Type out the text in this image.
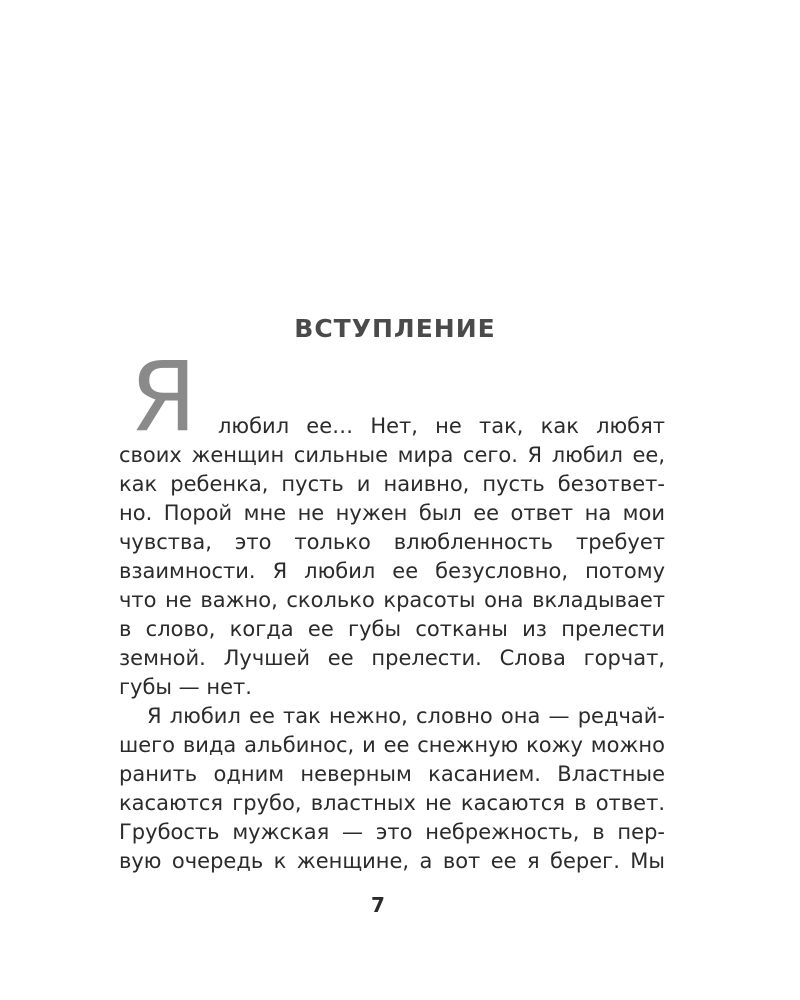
ВСТУПЛЕНИЕ
Я любил ее… Нет, не так, как любят
своих женщин сильные мира сего. Я любил ее,
как ребенка, пусть и наивно, пусть безответ-
но. Порой мне не нужен был ее ответ на мои
чувства, это только влюбленность требует
взаимности. Я любил ее безусловно, потому
что не важно, сколько красоты она вкладывает
в слово, когда ее губы сотканы из прелести
земной. Лучшей ее прелести. Слова горчат,
губы — нет.
Я любил ее так нежно, словно она — редчай-
шего вида альбинос, и ее снежную кожу можно
ранить одним неверным касанием. Властные
касаются грубо, властных не касаются в ответ.
Грубость мужская — это небрежность, в пер-
вую очередь к женщине, а вот ее я берег. Мы
7
